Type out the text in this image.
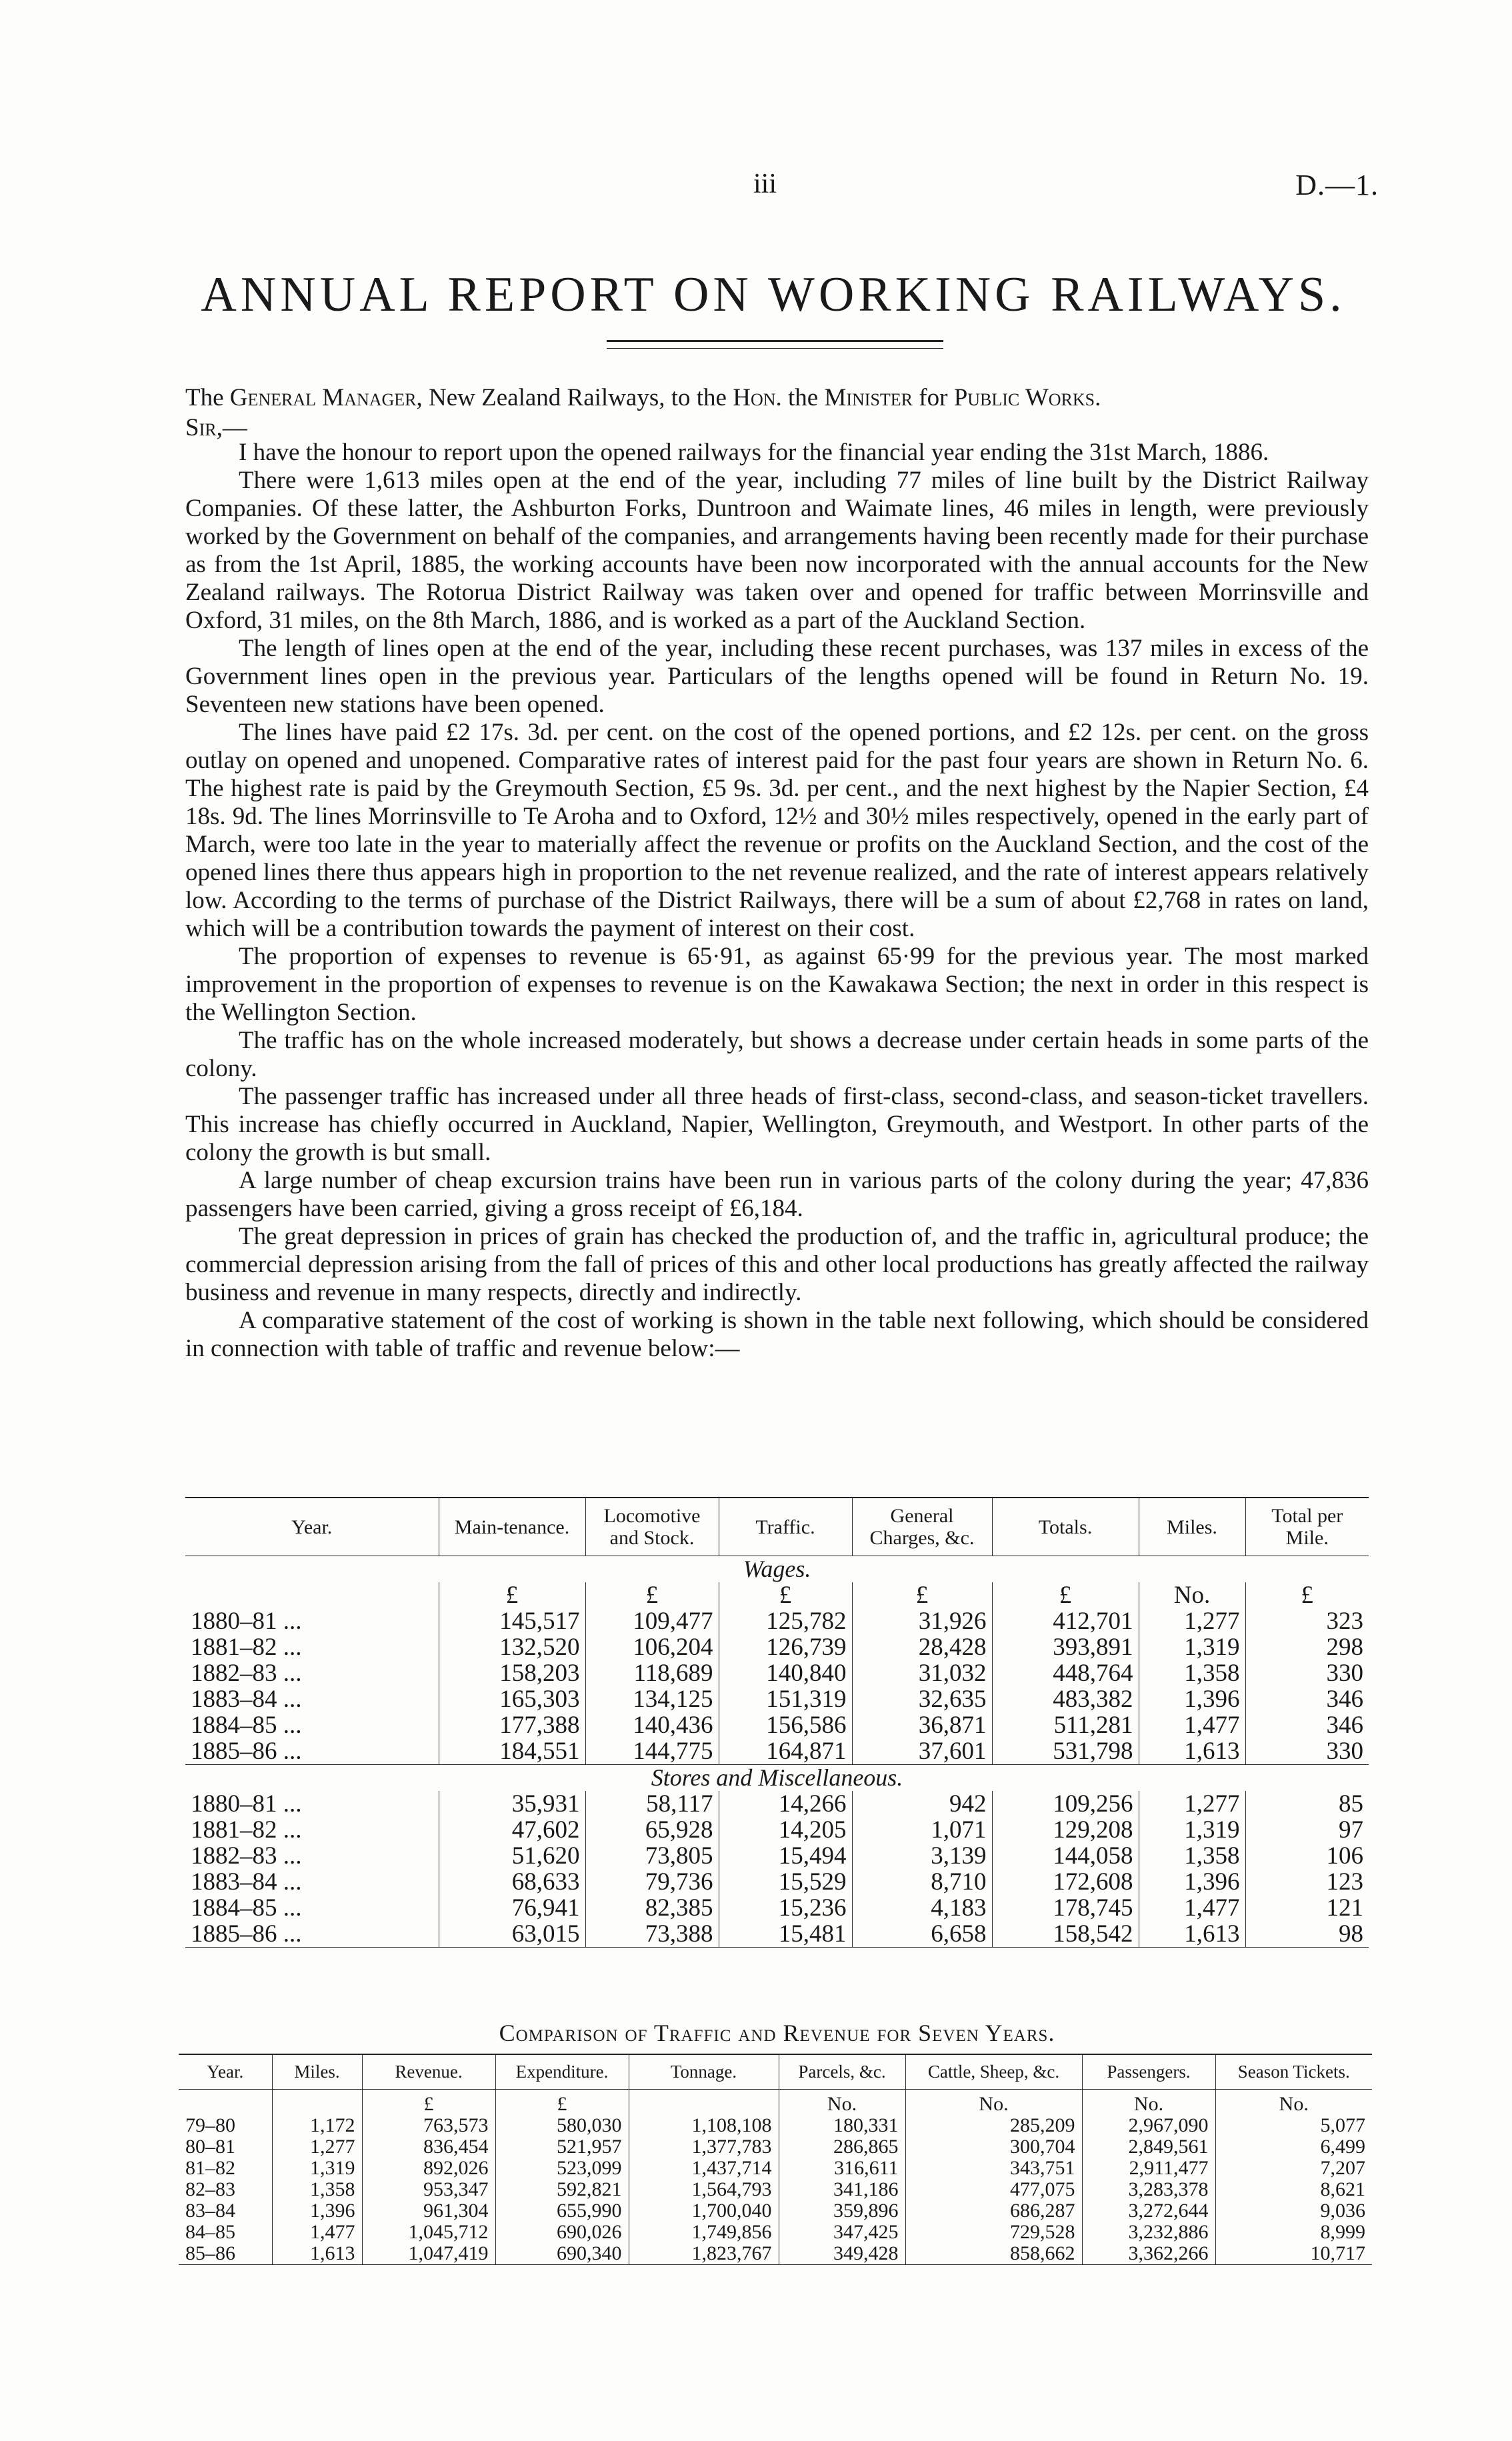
iii	D.—1.
ANNUAL REPORT ON WORKING RAILWAYS.
The General Manager, New Zealand Railways, to the Hon. the Minister for Public Works.
Sir,—

I have the honour to report upon the opened railways for the financial year ending the 31st March, 1886.

There were 1,613 miles open at the end of the year, including 77 miles of line built by the District Railway Companies. Of these latter, the Ashburton Forks, Duntroon and Waimate lines, 46 miles in length, were previously worked by the Government on behalf of the companies, and arrangements having been recently made for their purchase as from the 1st April, 1885, the working accounts have been now incorporated with the annual accounts for the New Zealand railways. The Rotorua District Railway was taken over and opened for traffic between Morrinsville and Oxford, 31 miles, on the 8th March, 1886, and is worked as a part of the Auckland Section.

The length of lines open at the end of the year, including these recent purchases, was 137 miles in excess of the Government lines open in the previous year. Particulars of the lengths opened will be found in Return No. 19. Seventeen new stations have been opened.

The lines have paid £2 17s. 3d. per cent. on the cost of the opened portions, and £2 12s. per cent. on the gross outlay on opened and unopened. Comparative rates of interest paid for the past four years are shown in Return No. 6. The highest rate is paid by the Greymouth Section, £5 9s. 3d. per cent., and the next highest by the Napier Section, £4 18s. 9d. The lines Morrinsville to Te Aroha and to Oxford, 12½ and 30½ miles respectively, opened in the early part of March, were too late in the year to materially affect the revenue or profits on the Auckland Section, and the cost of the opened lines there thus appears high in proportion to the net revenue realized, and the rate of interest appears relatively low. According to the terms of purchase of the District Railways, there will be a sum of about £2,768 in rates on land, which will be a contribution towards the payment of interest on their cost.

The proportion of expenses to revenue is 65·91, as against 65·99 for the previous year. The most marked improvement in the proportion of expenses to revenue is on the Kawakawa Section; the next in order in this respect is the Wellington Section.

The traffic has on the whole increased moderately, but shows a decrease under certain heads in some parts of the colony.

The passenger traffic has increased under all three heads of first-class, second-class, and season-ticket travellers. This increase has chiefly occurred in Auckland, Napier, Wellington, Greymouth, and Westport. In other parts of the colony the growth is but small.

A large number of cheap excursion trains have been run in various parts of the colony during the year; 47,836 passengers have been carried, giving a gross receipt of £6,184.

The great depression in prices of grain has checked the production of, and the traffic in, agricultural produce; the commercial depression arising from the fall of prices of this and other local productions has greatly affected the railway business and revenue in many respects, directly and indirectly.

A comparative statement of the cost of working is shown in the table next following, which should be considered in connection with table of traffic and revenue below:—

Year.	Main-tenance.	Locomotive and Stock.	Traffic.	General Charges, &c.	Totals.	Miles.	Total per Mile.
Wages.							
	£	£	£	£	£	No.	£
1880–81 ...	145,517	109,477	125,782	31,926	412,701	1,277	323
1881–82 ...	132,520	106,204	126,739	28,428	393,891	1,319	298
1882–83 ...	158,203	118,689	140,840	31,032	448,764	1,358	330
1883–84 ...	165,303	134,125	151,319	32,635	483,382	1,396	346
1884–85 ...	177,388	140,436	156,586	36,871	511,281	1,477	346
1885–86 ...	184,551	144,775	164,871	37,601	531,798	1,613	330
Stores and Miscellaneous.							
1880–81 ...	35,931	58,117	14,266	942	109,256	1,277	85
1881–82 ...	47,602	65,928	14,205	1,071	129,208	1,319	97
1882–83 ...	51,620	73,805	15,494	3,139	144,058	1,358	106
1883–84 ...	68,633	79,736	15,529	8,710	172,608	1,396	123
1884–85 ...	76,941	82,385	15,236	4,183	178,745	1,477	121
1885–86 ...	63,015	73,388	15,481	6,658	158,542	1,613	98
Comparison of Traffic and Revenue for Seven Years.
Year.	Miles.	Revenue.	Expenditure.	Tonnage.	Parcels, &c.	Cattle, Sheep, &c.	Passengers.	Season Tickets.
		£	£		No.	No.	No.	No.
79–80	1,172	763,573	580,030	1,108,108	180,331	285,209	2,967,090	5,077
80–81	1,277	836,454	521,957	1,377,783	286,865	300,704	2,849,561	6,499
81–82	1,319	892,026	523,099	1,437,714	316,611	343,751	2,911,477	7,207
82–83	1,358	953,347	592,821	1,564,793	341,186	477,075	3,283,378	8,621
83–84	1,396	961,304	655,990	1,700,040	359,896	686,287	3,272,644	9,036
84–85	1,477	1,045,712	690,026	1,749,856	347,425	729,528	3,232,886	8,999
85–86	1,613	1,047,419	690,340	1,823,767	349,428	858,662	3,362,266	10,717
